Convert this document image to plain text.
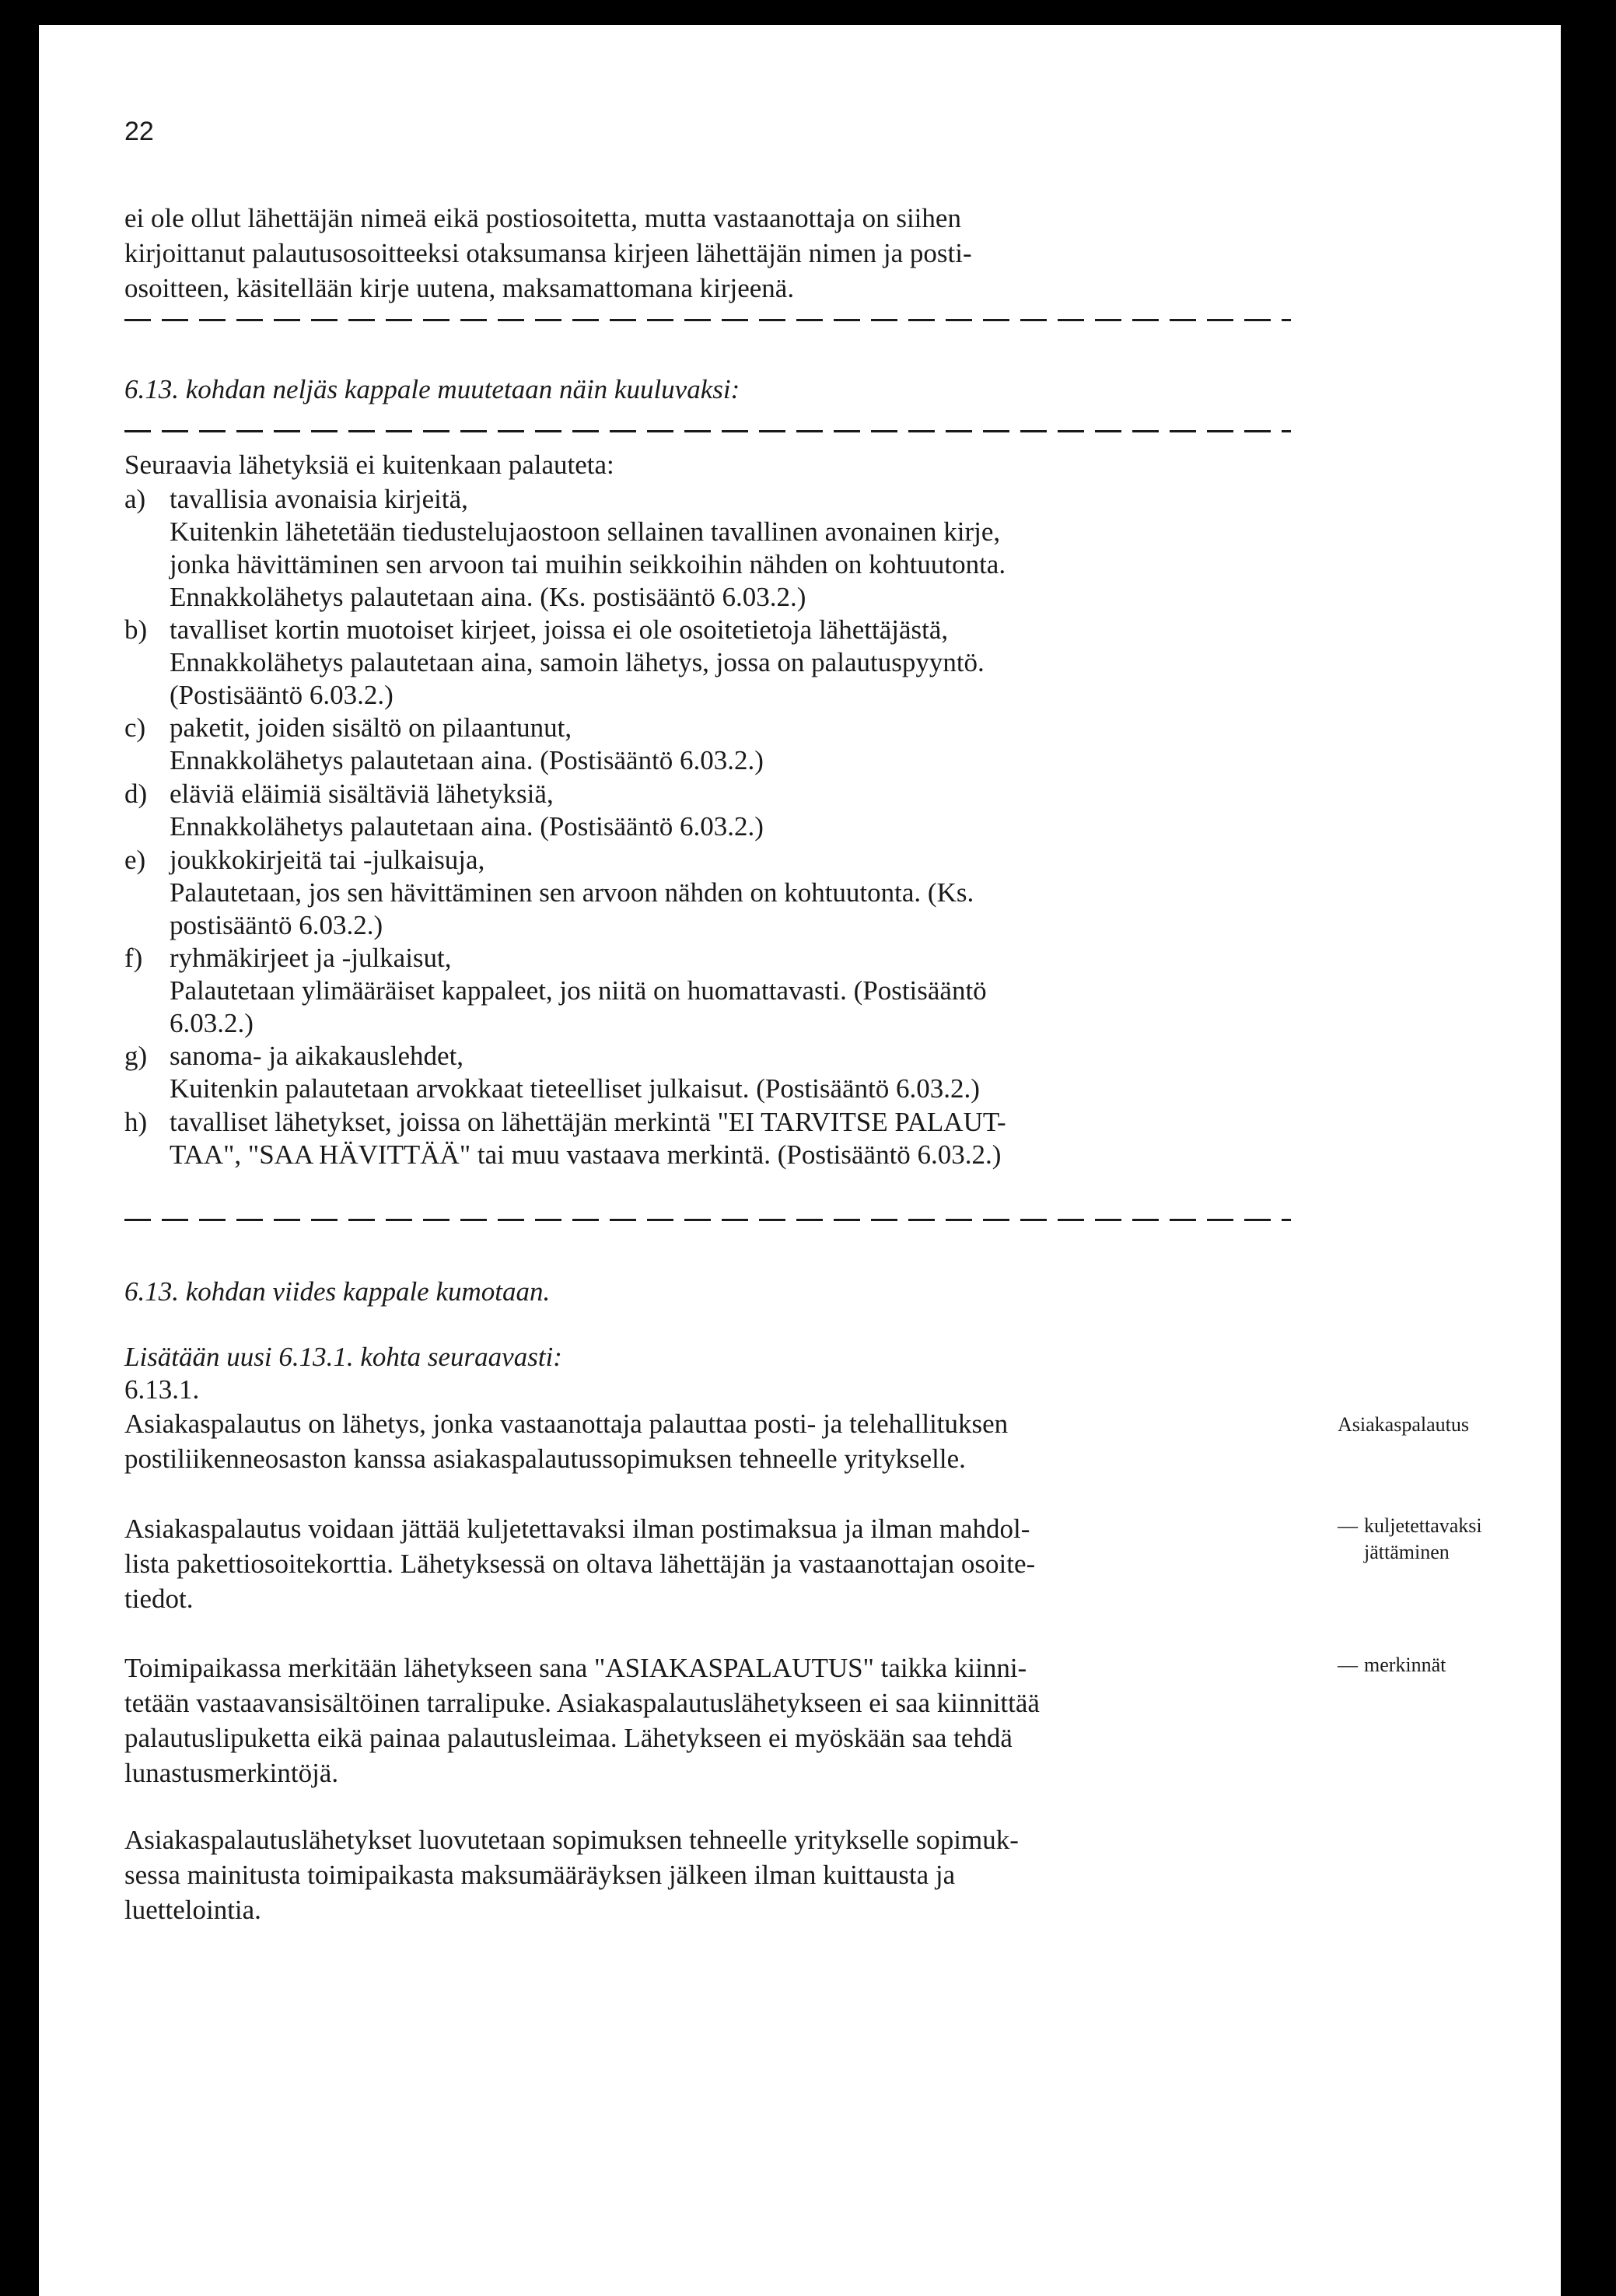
22
ei ole ollut lähettäjän nimeä eikä postiosoitetta, mutta vastaanottaja on siihen
kirjoittanut palautusosoitteeksi otaksumansa kirjeen lähettäjän nimen ja posti-
osoitteen, käsitellään kirje uutena, maksamattomana kirjeenä.
6.13. kohdan neljäs kappale muutetaan näin kuuluvaksi:
Seuraavia lähetyksiä ei kuitenkaan palauteta:
a) tavallisia avonaisia kirjeitä,
Kuitenkin lähetetään tiedustelujaostoon sellainen tavallinen avonainen kirje,
jonka hävittäminen sen arvoon tai muihin seikkoihin nähden on kohtuutonta.
Ennakkolähetys palautetaan aina. (Ks. postisääntö 6.03.2.)
b) tavalliset kortin muotoiset kirjeet, joissa ei ole osoitetietoja lähettäjästä,
Ennakkolähetys palautetaan aina, samoin lähetys, jossa on palautuspyyntö.
(Postisääntö 6.03.2.)
c) paketit, joiden sisältö on pilaantunut,
Ennakkolähetys palautetaan aina. (Postisääntö 6.03.2.)
d) eläviä eläimiä sisältäviä lähetyksiä,
Ennakkolähetys palautetaan aina. (Postisääntö 6.03.2.)
e) joukkokirjeitä tai -julkaisuja,
Palautetaan, jos sen hävittäminen sen arvoon nähden on kohtuutonta. (Ks.
postisääntö 6.03.2.)
f) ryhmäkirjeet ja -julkaisut,
Palautetaan ylimääräiset kappaleet, jos niitä on huomattavasti. (Postisääntö
6.03.2.)
g) sanoma- ja aikakauslehdet,
Kuitenkin palautetaan arvokkaat tieteelliset julkaisut. (Postisääntö 6.03.2.)
h) tavalliset lähetykset, joissa on lähettäjän merkintä "EI TARVITSE PALAUT-
TAA", "SAA HÄVITTÄÄ" tai muu vastaava merkintä. (Postisääntö 6.03.2.)
6.13. kohdan viides kappale kumotaan.
Lisätään uusi 6.13.1. kohta seuraavasti:
6.13.1.
Asiakaspalautus on lähetys, jonka vastaanottaja palauttaa posti- ja telehallituksen
postiliikenneosaston kanssa asiakaspalautussopimuksen tehneelle yritykselle.
Asiakaspalautus voidaan jättää kuljetettavaksi ilman postimaksua ja ilman mahdol-
lista pakettiosoitekorttia. Lähetyksessä on oltava lähettäjän ja vastaanottajan osoite-
tiedot.
Toimipaikassa merkitään lähetykseen sana "ASIAKASPALAUTUS" taikka kiinni-
tetään vastaavansisältöinen tarralipuke. Asiakaspalautuslähetykseen ei saa kiinnittää
palautuslipuketta eikä painaa palautusleimaa. Lähetykseen ei myöskään saa tehdä
lunastusmerkintöjä.
Asiakaspalautuslähetykset luovutetaan sopimuksen tehneelle yritykselle sopimuk-
sessa mainitusta toimipaikasta maksumääräyksen jälkeen ilman kuittausta ja
luettelointia.
Asiakaspalautus
— kuljetettavaksi
jättäminen
— merkinnät
